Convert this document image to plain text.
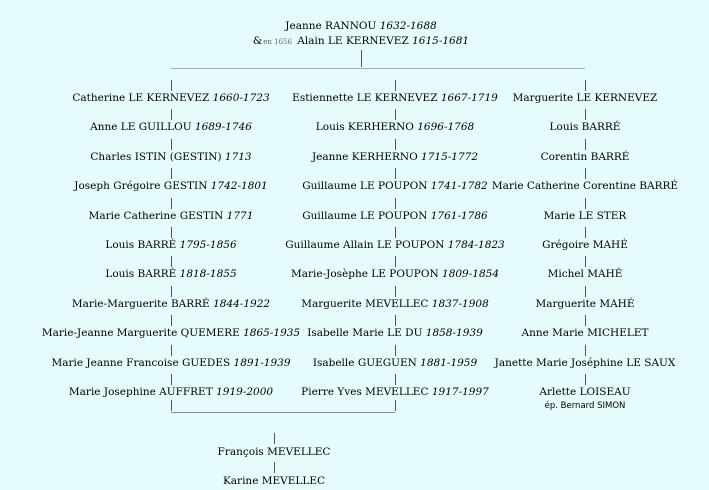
Jeanne RANNOU 1632-1688
&en 1656 Alain LE KERNEVEZ 1615-1681
Catherine LE KERNEVEZ 1660-1723
Anne LE GUILLOU 1689-1746
Charles ISTIN (GESTIN) 1713
Joseph Grégoire GESTIN 1742-1801
Marie Catherine GESTIN 1771
Louis BARRÉ 1795-1856
Louis BARRÉ 1818-1855
Marie-Marguerite BARRÉ 1844-1922
Marie-Jeanne Marguerite QUEMERE 1865-1935
Marie Jeanne Francoise GUEDES 1891-1939
Marie Josephine AUFFRET 1919-2000
Estiennette LE KERNEVEZ 1667-1719
Louis KERHERNO 1696-1768
Jeanne KERHERNO 1715-1772
Guillaume LE POUPON 1741-1782
Guillaume LE POUPON 1761-1786
Guillaume Allain LE POUPON 1784-1823
Marie-Josèphe LE POUPON 1809-1854
Marguerite MEVELLEC 1837-1908
Isabelle Marie LE DU 1858-1939
Isabelle GUEGUEN 1881-1959
Pierre Yves MEVELLEC 1917-1997
Marguerite LE KERNEVEZ
Louis BARRÉ
Corentin BARRÉ
Marie Catherine Corentine BARRÉ
Marie LE STER
Grégoire MAHÉ
Michel MAHÉ
Marguerite MAHÉ
Anne Marie MICHELET
Janette Marie Joséphine LE SAUX
Arlette LOISEAU
ép. Bernard SIMON
François MEVELLEC
Karine MEVELLEC
